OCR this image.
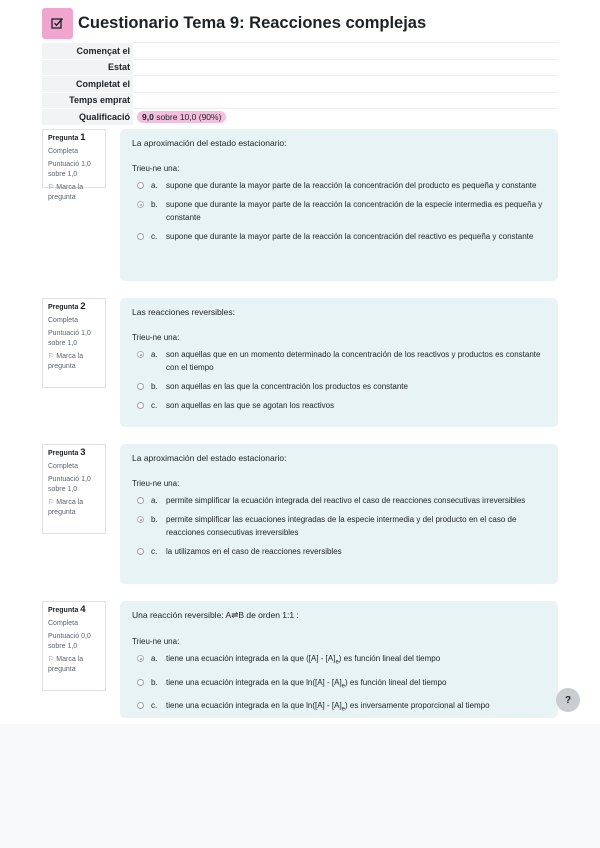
Cuestionario Tema 9: Reacciones complejas
Començat el	
Estat	
Completat el	
Temps emprat	
Qualificació	9,0 sobre 10,0 (90%)
Pregunta 1
Completa
Puntuació 1,0 sobre 1,0
⚐ Marca la pregunta
La aproximación del estado estacionario:
Trieu-ne una:
a.	supone que durante la mayor parte de la reacción la concentración del producto es pequeña y constante
b.	supone que durante la mayor parte de la reacción la concentración de la especie intermedia es pequeña y constante
c.	supone que durante la mayor parte de la reacción la concentración del reactivo es pequeña y constante
Pregunta 2
Completa
Puntuació 1,0 sobre 1,0
⚐ Marca la pregunta
Las reacciones reversibles:
Trieu-ne una:
a.	son aquellas que en un momento determinado la concentración de los reactivos y productos es constante con el tiempo
b.	son aquellas en las que la concentración los productos es constante
c.	son aquellas en las que se agotan los reactivos
Pregunta 3
Completa
Puntuació 1,0 sobre 1,0
⚐ Marca la pregunta
La aproximación del estado estacionario:
Trieu-ne una:
a.	permite simplificar la ecuación integrada del reactivo el caso de reacciones consecutivas irreversibles
b.	permite simplificar las ecuaciones integradas de la especie intermedia y del producto en el caso de reacciones consecutivas irreversibles
c.	la utilizamos en el caso de reacciones reversibles
Pregunta 4
Completa
Puntuació 0,0 sobre 1,0
⚐ Marca la pregunta
Una reacción reversible: A⇌B de orden 1:1 :
Trieu-ne una:
a.	tiene una ecuación integrada en la que $([A] - [A]_e)$ es función lineal del tiempo
b.	tiene una ecuación integrada en la que $\ln([A] - [A]_e)$ es función lineal del tiempo
c.	tiene una ecuación integrada en la que $\ln([A] - [A]_e)$ es inversamente proporcional al tiempo
?
